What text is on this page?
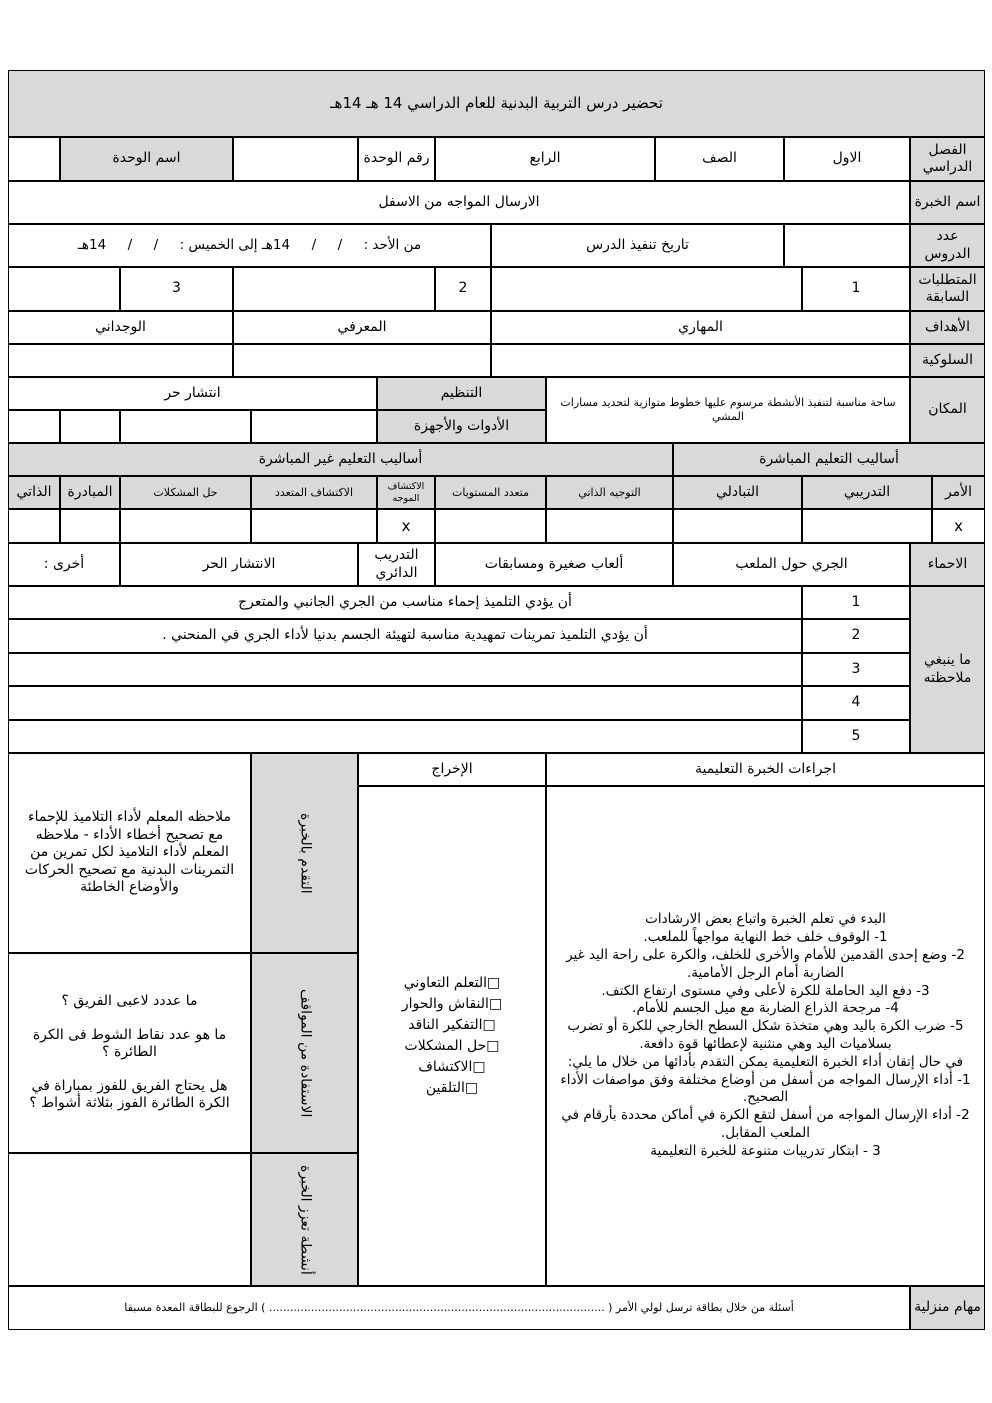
تحضير درس التربية البدنية للعام الدراسي 14 هـ 14هـ
الفصل الدراسي
الاول
الصف
الرابع
رقم الوحدة
اسم الوحدة
اسم الخبرة
الارسال المواجه من الاسفل
عدد الدروس
تاريخ تنفيذ الدرس
من الأحد :     /     /     14هـ إلى الخميس :     /     /     14هـ
المتطلبات السابقة
1
2
3
الأهداف
السلوكية
المهاري
المعرفي
الوجداني
المكان
ساحة مناسبة لتنفيذ الأنشطة مرسوم عليها خطوط متوازية لتحديد مسارات المشي
التنظيم
انتشار حر
الأدوات والأجهزة
أساليب التعليم المباشرة
أساليب التعليم غير المباشرة
الأمر
التدريبي
التبادلي
التوجيه الذاتي
متعدد المستويات
الاكتشاف الموجه
الاكتشاف المتعدد
حل المشكلات
المبادرة
الذاتي
x
x
الاحماء
الجري حول الملعب
ألعاب صغيرة ومسابقات
التدريب الدائري
الانتشار الحر
أخرى :
ما ينبغي ملاحظته
1
أن يؤدي التلميذ إحماء مناسب من الجري الجانبي والمتعرج
2
أن يؤدي التلميذ تمرينات تمهيدية مناسبة لتهيئة الجسم بدنيا لأداء الجري في المنحني .
3
4
5
اجراءات الخبرة التعليمية
الإخراج

البدء في تعلم الخبرة واتباع بعض الارشادات

1- الوقوف خلف خط النهاية مواجهاً للملعب.

2- وضع إحدى القدمين للأمام والأخرى للخلف، والكرة على راحة اليد غير الضاربة أمام الرجل الأمامية.

3- دفع اليد الحاملة للكرة لأعلى وفي مستوى ارتفاع الكتف.

4- مرجحة الذراع الضاربة مع ميل الجسم للأمام.

5- ضرب الكرة باليد وهي متخذة شكل السطح الخارجي للكرة أو تضرب بسلاميات اليد وهي منثنية لإعطائها قوة دافعة.

في حال إتقان أداء الخبرة التعليمية يمكن التقدم بأدائها من خلال ما يلي:

1- أداء الإرسال المواجه من أسفل من أوضاع مختلفة وفق مواصفات الأداء الصحيح.

2- أداء الإرسال المواجه من أسفل لتقع الكرة في أماكن محددة بأرقام في الملعب المقابل.

3 - ابتكار تدريبات متنوعة للخبرة التعليمية

□ التعلم التعاوني
□ النقاش والحوار
□ التفكير الناقد
□ حل المشكلات
□ الاكتشاف
□ التلقين
التقدم بالخبرة
الاستفادة من المواقف
أنشطة تعزز الخبرة
ملاحظه المعلم لأداء التلاميذ للإحماء مع تصحيح أخطاء الأداء - ملاحظه المعلم لأداء التلاميذ لكل تمرين من التمرينات البدنية مع تصحيح الحركات والأوضاع الخاطئة
ما عددد لاعبى الفريق ؟
ما هو عدد نقاط الشوط فى الكرة الطائرة ؟
هل يحتاج الفريق للفوز بمباراة في الكرة الطائرة الفوز بثلاثة أشواط ؟
مهام منزلية
أسئلة من خلال بطاقة ترسل لولي الأمر ( ................................................................................................ ) الرجوع للبطاقة المعدة مسبقا
